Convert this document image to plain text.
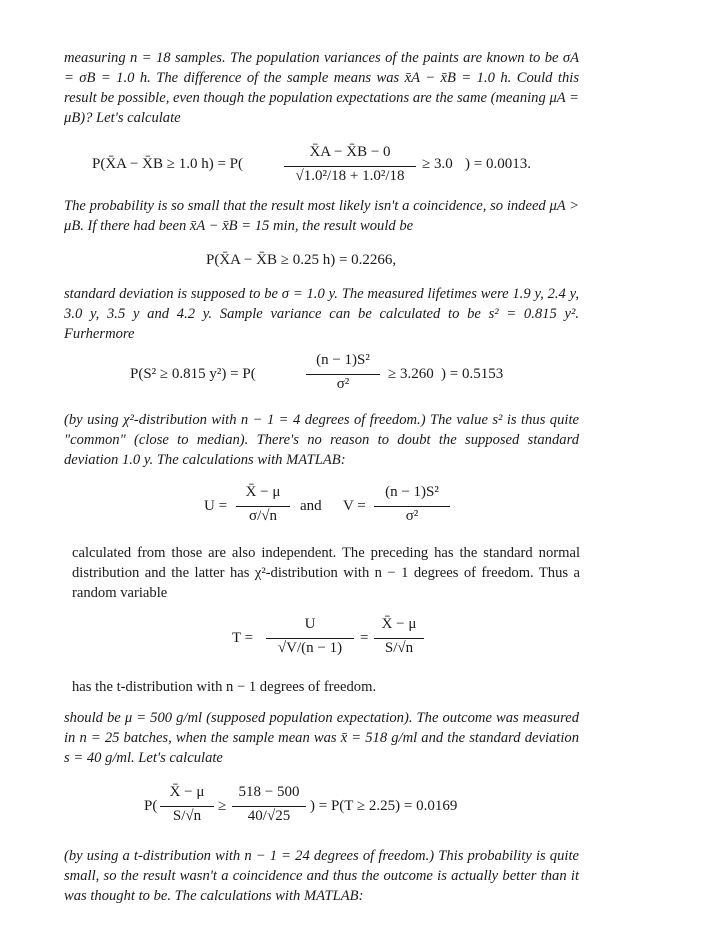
measuring n = 18 samples. The population variances of the paints are known to be σA = σB = 1.0 h. The difference of the sample means was x̄A − x̄B = 1.0 h. Could this result be possible, even though the population expectations are the same (meaning μA = μB)? Let's calculate

P(X̄A − X̄B ≥ 1.0 h) = P(
X̄A − X̄B − 0
√1.0²/18 + 1.0²/18
≥ 3.0 ) = 0.0013.

The probability is so small that the result most likely isn't a coincidence, so indeed μA > μB. If there had been x̄A − x̄B = 15 min, the result would be

P(X̄A − X̄B ≥ 0.25 h) = 0.2266,

standard deviation is supposed to be σ = 1.0 y. The measured lifetimes were 1.9 y, 2.4 y, 3.0 y, 3.5 y and 4.2 y. Sample variance can be calculated to be s² = 0.815 y². Furhermore

P(S² ≥ 0.815 y²) = P(
(n − 1)S²
σ²
≥ 3.260 ) = 0.5153

(by using χ²-distribution with n − 1 = 4 degrees of freedom.) The value s² is thus quite "common" (close to median). There's no reason to doubt the supposed standard deviation 1.0 y. The calculations with MATLAB:

U =
X̄ − μ
σ/√n
and V =
(n − 1)S²
σ²

calculated from those are also independent. The preceding has the standard normal distribution and the latter has χ²-distribution with n − 1 degrees of freedom. Thus a random variable

T =
U
√V/(n − 1)
=
X̄ − μ
S/√n

has the t-distribution with n − 1 degrees of freedom.

should be μ = 500 g/ml (supposed population expectation). The outcome was measured in n = 25 batches, when the sample mean was x̄ = 518 g/ml and the standard deviation s = 40 g/ml. Let's calculate

P(
X̄ − μ
S/√n
≥
518 − 500
40/√25
) = P(T ≥ 2.25) = 0.0169

(by using a t-distribution with n − 1 = 24 degrees of freedom.) This probability is quite small, so the result wasn't a coincidence and thus the outcome is actually better than it was thought to be. The calculations with MATLAB:
